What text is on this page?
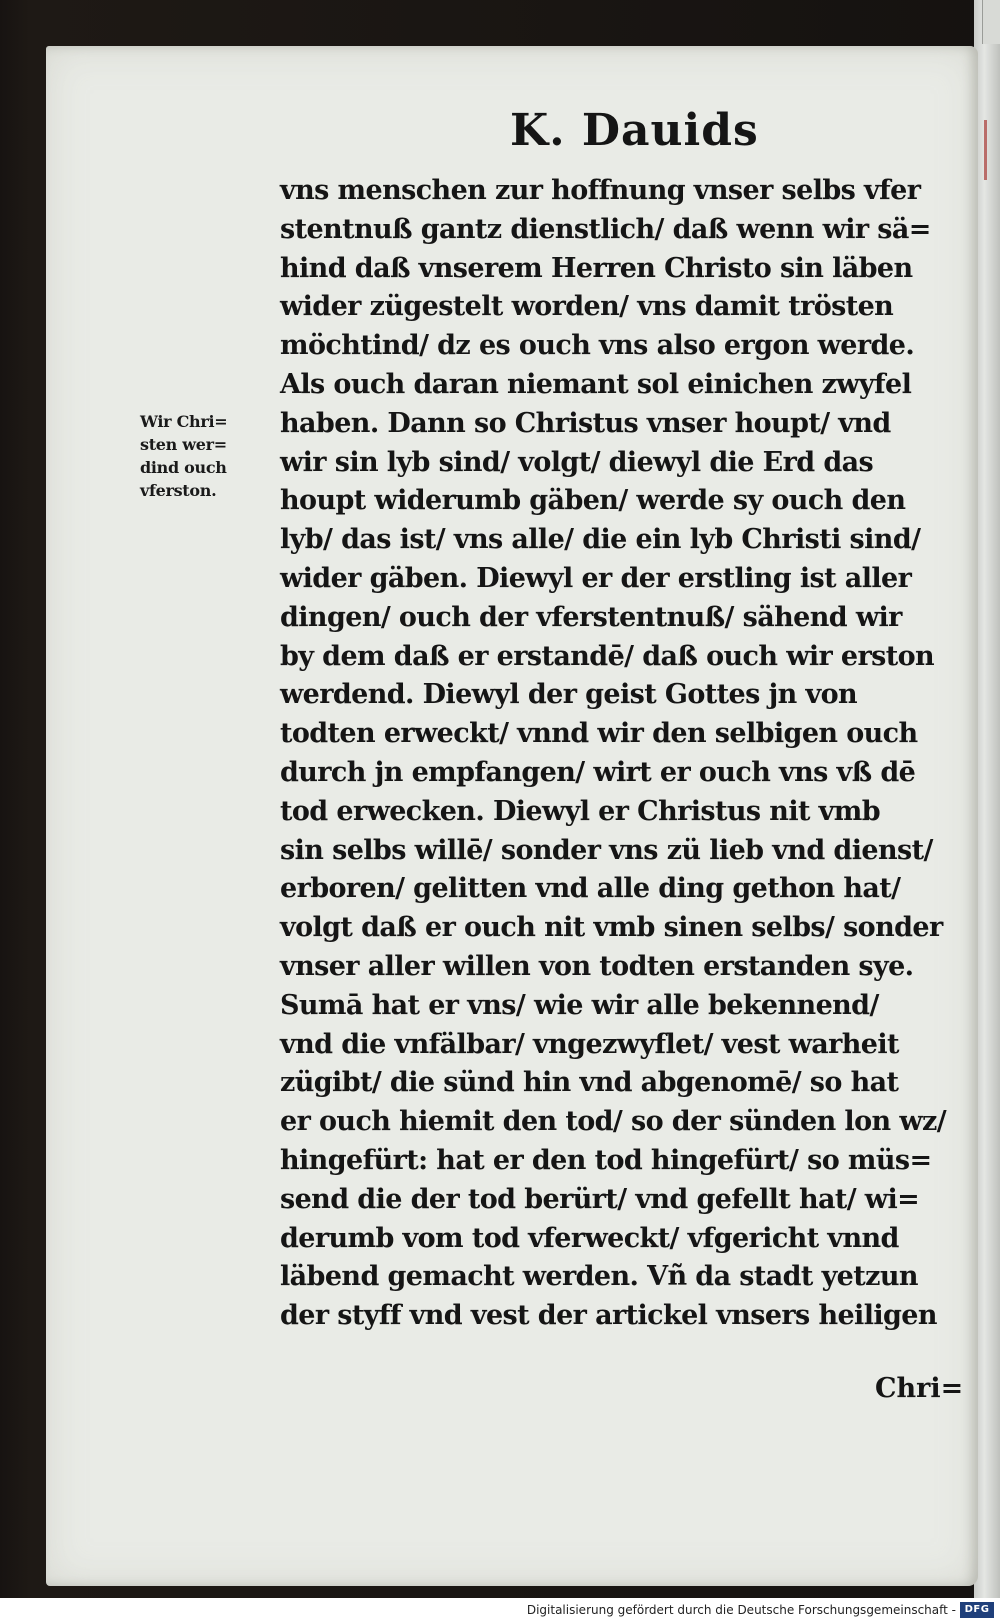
K. Dauids
Wir Chri=
sten wer=
dind ouch
vferston.
vns menschen zur hoffnung vnser selbs vfer
stentnuß gantz dienstlich/ daß wenn wir sä=
hind daß vnserem Herren Christo sin läben
wider zügestelt worden/ vns damit trösten
möchtind/ dz es ouch vns also ergon werde.
Als ouch daran niemant sol einichen zwyfel
haben. Dann so Christus vnser houpt/ vnd
wir sin lyb sind/ volgt/ diewyl die Erd das
houpt widerumb gäben/ werde sy ouch den
lyb/ das ist/ vns alle/ die ein lyb Christi sind/
wider gäben. Diewyl er der erstling ist aller
dingen/ ouch der vferstentnuß/ sähend wir
by dem daß er erstandē/ daß ouch wir erston
werdend. Diewyl der geist Gottes jn von
todten erweckt/ vnnd wir den selbigen ouch
durch jn empfangen/ wirt er ouch vns vß dē
tod erwecken. Diewyl er Christus nit vmb
sin selbs willē/ sonder vns zü lieb vnd dienst/
erboren/ gelitten vnd alle ding gethon hat/
volgt daß er ouch nit vmb sinen selbs/ sonder
vnser aller willen von todten erstanden sye.
Sumā hat er vns/ wie wir alle bekennend/
vnd die vnfälbar/ vngezwyflet/ vest warheit
zügibt/ die sünd hin vnd abgenomē/ so hat
er ouch hiemit den tod/ so der sünden lon wz/
hingefürt: hat er den tod hingefürt/ so müs=
send die der tod berürt/ vnd gefellt hat/ wi=
derumb vom tod vferweckt/ vfgericht vnnd
läbend gemacht werden. Vñ da stadt yetzun
der styff vnd vest der artickel vnsers heiligen
Chri=
Digitalisierung gefördert durch die Deutsche Forschungsgemeinschaft - DFG
